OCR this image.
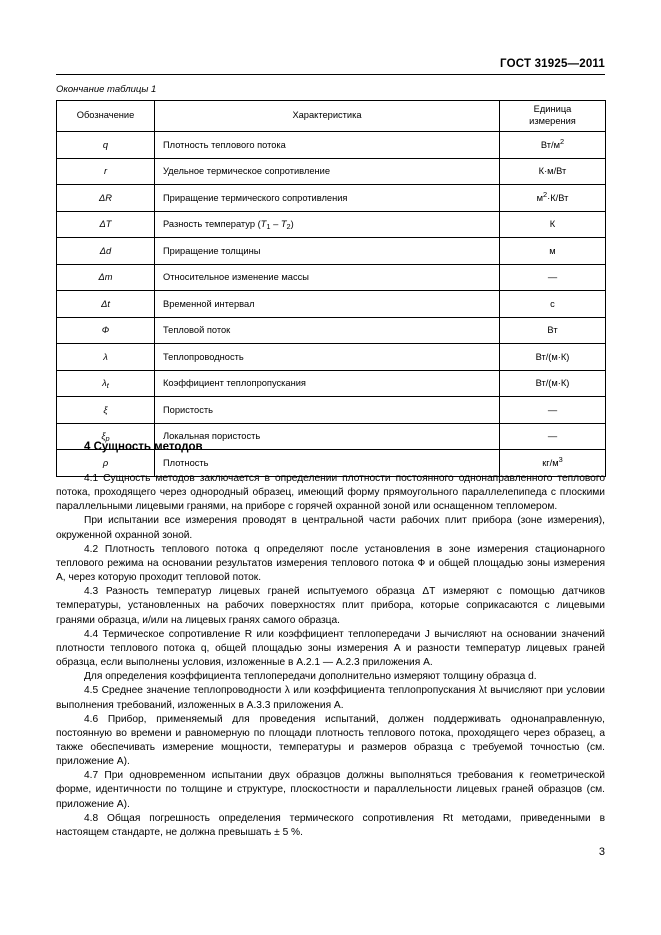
ГОСТ 31925—2011
Окончание таблицы 1
Обозначение	Характеристика	Единица
измерения
q	Плотность теплового потока	$Вт/м^2$
r	Удельное термическое сопротивление	К·м/Вт
ΔR	Приращение термического сопротивления	$м^2\cdot К/Вт$
ΔT	Разность температур $(T_1 - T_2)$	К
Δd	Приращение толщины	м
Δm	Относительное изменение массы	—
Δt	Временной интервал	с
Ф	Тепловой поток	Вт
λ	Теплопроводность	Вт/(м·К)
$\lambda_t$	Коэффициент теплопропускания	Вт/(м·К)
ξ	Пористость	—
$\xi_p$	Локальная пористость	—
ρ	Плотность	$кг/м^3$
4 Сущность методов

4.1 Сущность методов заключается в определении плотности постоянного однонаправленного теплового потока, проходящего через однородный образец, имеющий форму прямоугольного параллелепипеда с плоскими параллельными лицевыми гранями, на приборе с горячей охранной зоной или оснащенном тепломером.

При испытании все измерения проводят в центральной части рабочих плит прибора (зоне измерения), окруженной охранной зоной.

4.2 Плотность теплового потока q определяют после установления в зоне измерения стационарного теплового режима на основании результатов измерения теплового потока Ф и общей площадью зоны измерения A, через которую проходит тепловой поток.

4.3 Разность температур лицевых граней испытуемого образца ΔT измеряют с помощью датчиков температуры, установленных на рабочих поверхностях плит прибора, которые соприкасаются с лицевыми гранями образца, и/или на лицевых гранях самого образца.

4.4 Термическое сопротивление R или коэффициент теплопередачи J вычисляют на основании значений плотности теплового потока q, общей площадью зоны измерения A и разности температур лицевых граней образца, если выполнены условия, изложенные в А.2.1 — А.2.3 приложения А.

Для определения коэффициента теплопередачи дополнительно измеряют толщину образца d.

4.5 Среднее значение теплопроводности λ или коэффициента теплопропускания λt вычисляют при условии выполнения требований, изложенных в А.3.3 приложения А.

4.6 Прибор, применяемый для проведения испытаний, должен поддерживать однонаправленную, постоянную во времени и равномерную по площади плотность теплового потока, проходящего через образец, а также обеспечивать измерение мощности, температуры и размеров образца с требуемой точностью (см. приложение А).

4.7 При одновременном испытании двух образцов должны выполняться требования к геометрической форме, идентичности по толщине и структуре, плоскостности и параллельности лицевых граней образцов (см. приложение А).

4.8 Общая погрешность определения термического сопротивления Rt методами, приведенными в настоящем стандарте, не должна превышать ± 5 %.

3
